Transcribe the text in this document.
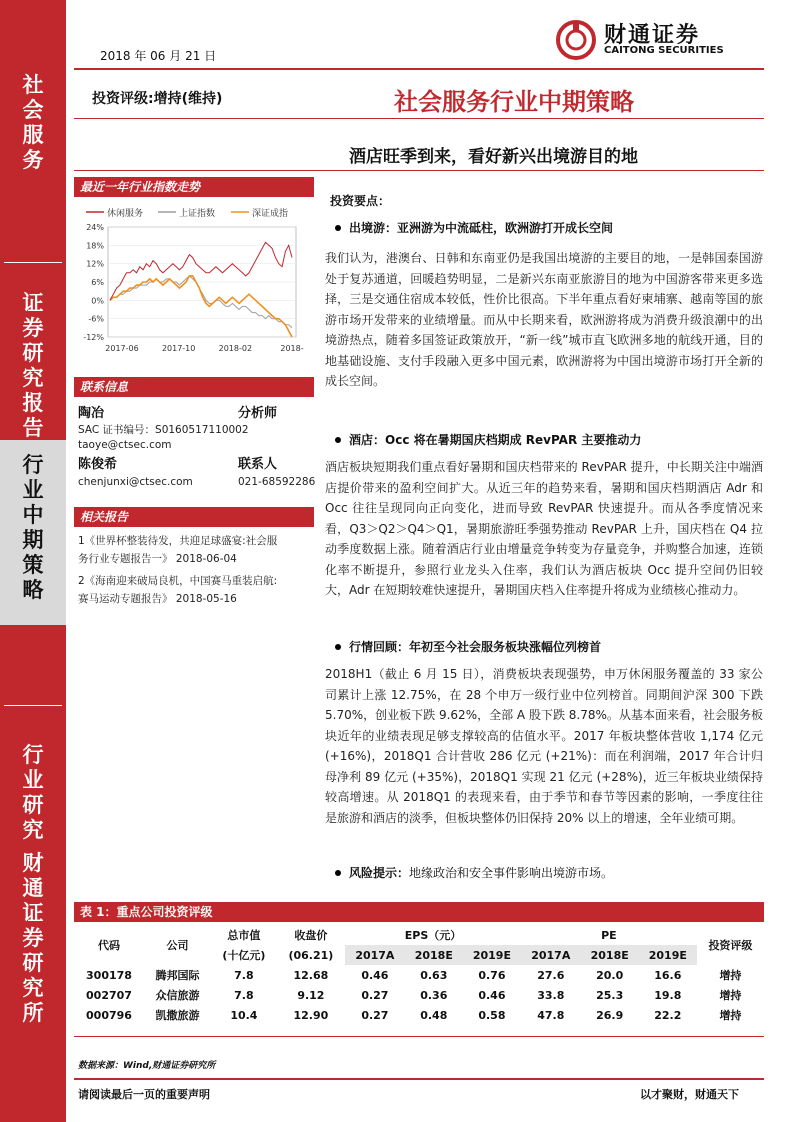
社
会
服
务
证
券
研
究
报
告
行
业
中
期
策
略
行
业
研
究
财
通
证
券
研
究
所
2018 年 06 月 21 日
财通证券
CAITONG SECURITIES
投资评级:增持(维持)	社会服务行业中期策略
酒店旺季到来，看好新兴出境游目的地
最近一年行业指数走势
休闲服务	上证指数	深证成指
24%
18%
12%
6%
0%
-6%
-12%
2017-06	2017-10	2018-02	2018-
联系信息
陶冶	分析师
SAC 证书编号：S0160517110002
taoye@ctsec.com
陈俊希	联系人
chenjunxi@ctsec.com	021-68592286
相关报告
1《世界杯整装待发，共迎足球盛宴:社会服
务行业专题报告一》 2018-06-04
2《海南迎来破局良机，中国赛马重装启航:
赛马运动专题报告》 2018-05-16
投资要点：
出境游：亚洲游为中流砥柱，欧洲游打开成长空间
我们认为，港澳台、日韩和东南亚仍是我国出境游的主要目的地，一是韩国泰国游处于复苏通道，回暖趋势明显，二是新兴东南亚旅游目的地为中国游客带来更多选择，三是交通住宿成本较低，性价比很高。下半年重点看好柬埔寨、越南等国的旅游市场开发带来的业绩增量。而从中长期来看，欧洲游将成为消费升级浪潮中的出境游热点，随着多国签证政策放开，“新一线”城市直飞欧洲多地的航线开通，目的地基础设施、支付手段融入更多中国元素，欧洲游将为中国出境游市场打开全新的成长空间。
酒店：Occ 将在暑期国庆档期成 RevPAR 主要推动力
酒店板块短期我们重点看好暑期和国庆档带来的 RevPAR 提升，中长期关注中端酒店提价带来的盈利空间扩大。从近三年的趋势来看，暑期和国庆档期酒店 Adr 和 Occ 往往呈现同向正向变化，进而导致 RevPAR 快速提升。而从各季度情况来看，Q3＞Q2＞Q4＞Q1，暑期旅游旺季强势推动 RevPAR 上升，国庆档在 Q4 拉动季度数据上涨。随着酒店行业由增量竞争转变为存量竞争，并购整合加速，连锁化率不断提升，参照行业龙头入住率，我们认为酒店板块 Occ 提升空间仍旧较大，Adr 在短期较难快速提升，暑期国庆档入住率提升将成为业绩核心推动力。
行情回顾：年初至今社会服务板块涨幅位列榜首
2018H1（截止 6 月 15 日），消费板块表现强势，申万休闲服务覆盖的 33 家公司累计上涨 12.75%，在 28 个申万一级行业中位列榜首。同期间沪深 300 下跌 5.70%，创业板下跌 9.62%，全部 A 股下跌 8.78%。从基本面来看，社会服务板块近年的业绩表现足够支撑较高的估值水平。2017 年板块整体营收 1,174 亿元 (+16%)，2018Q1 合计营收 286 亿元 (+21%)：而在利润端，2017 年合计归母净利 89 亿元 (+35%)，2018Q1 实现 21 亿元 (+28%)，近三年板块业绩保持较高增速。从 2018Q1 的表现来看，由于季节和春节等因素的影响，一季度往往是旅游和酒店的淡季，但板块整体仍旧保持 20% 以上的增速，全年业绩可期。
风险提示：地缘政治和安全事件影响出境游市场。
表 1：重点公司投资评级
代码	公司	总市值	收盘价	EPS（元）			PE			投资评级
		(十亿元)	(06.21)	2017A	2018E	2019E	2017A	2018E	2019E	
300178	腾邦国际	7.8	12.68	0.46	0.63	0.76	27.6	20.0	16.6	增持
002707	众信旅游	7.8	9.12	0.27	0.36	0.46	33.8	25.3	19.8	增持
000796	凯撒旅游	10.4	12.90	0.27	0.48	0.58	47.8	26.9	22.2	增持
数据来源：Wind,财通证券研究所
请阅读最后一页的重要声明	以才聚财，财通天下
